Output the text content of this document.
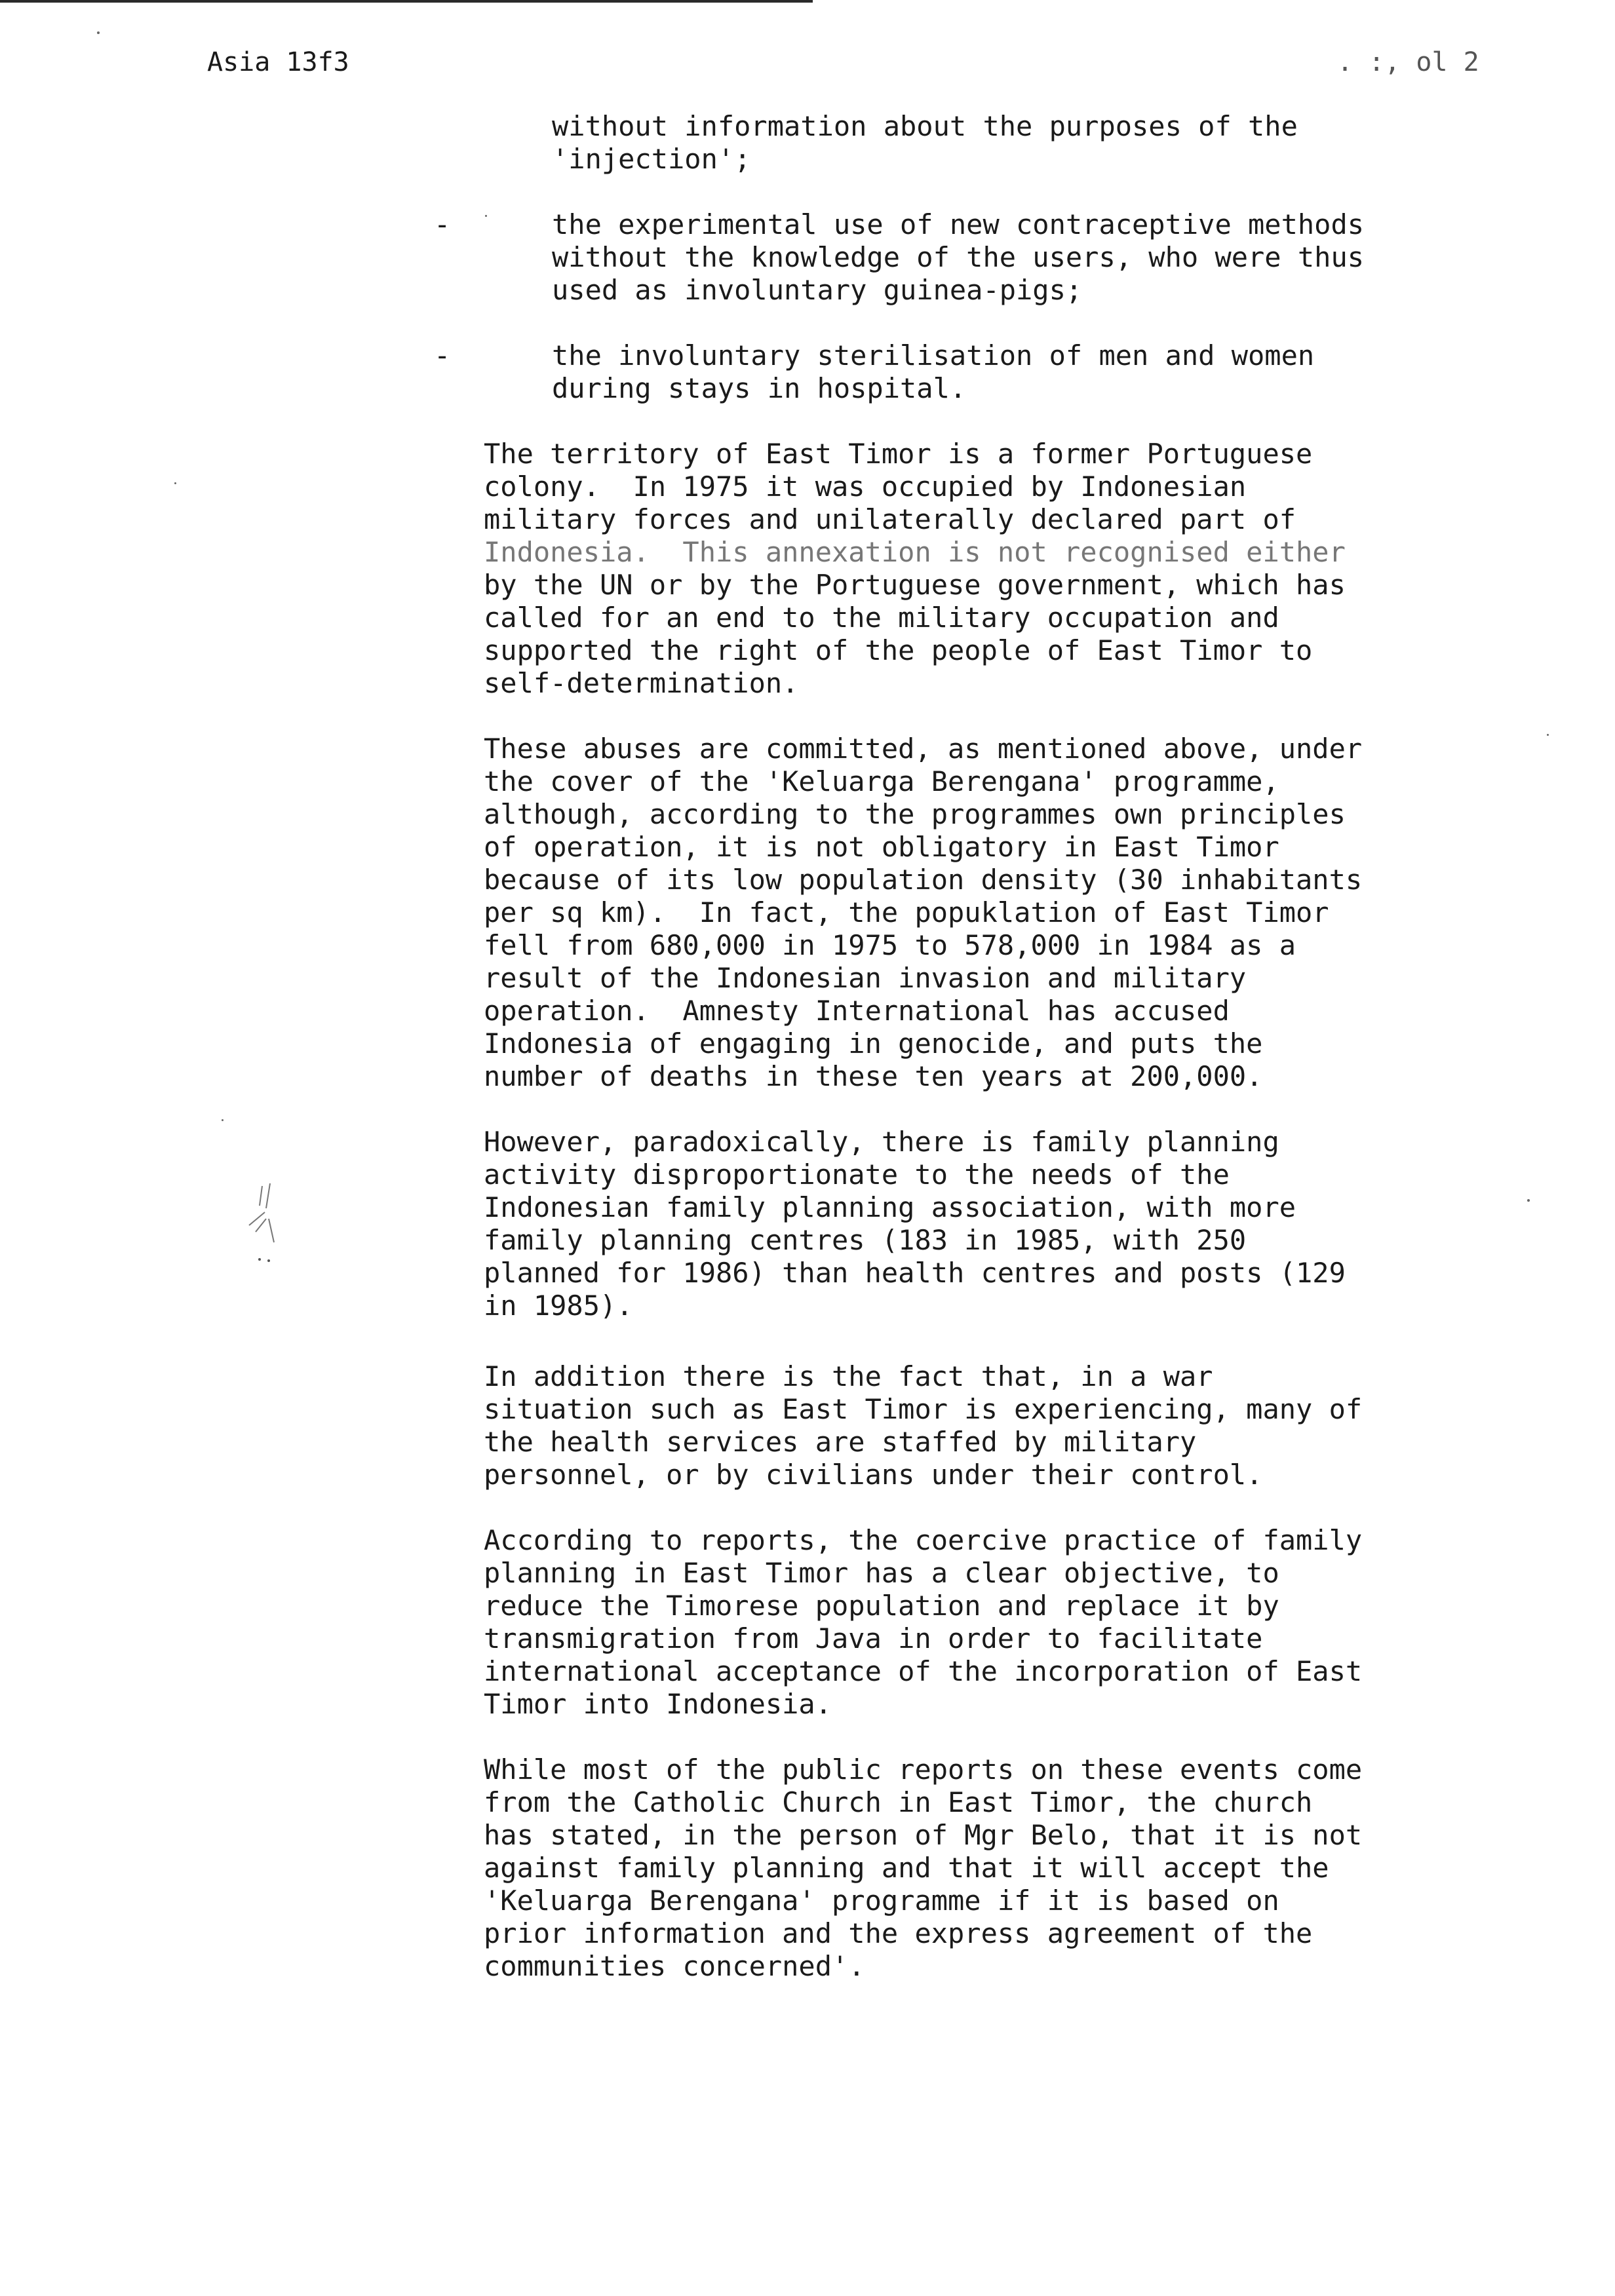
Asia 13f3	. :, ol 2
without information about the purposes of the
'injection';
-	the experimental use of new contraceptive methods
without the knowledge of the users, who were thus
used as involuntary guinea-pigs;
-	the involuntary sterilisation of men and women
during stays in hospital.
The territory of East Timor is a former Portuguese
colony.  In 1975 it was occupied by Indonesian
military forces and unilaterally declared part of
Indonesia.  This annexation is not recognised either
by the UN or by the Portuguese government, which has
called for an end to the military occupation and
supported the right of the people of East Timor to
self-determination.
These abuses are committed, as mentioned above, under
the cover of the 'Keluarga Berengana' programme,
although, according to the programmes own principles
of operation, it is not obligatory in East Timor
because of its low population density (30 inhabitants
per sq km).  In fact, the popuklation of East Timor
fell from 680,000 in 1975 to 578,000 in 1984 as a
result of the Indonesian invasion and military
operation.  Amnesty International has accused
Indonesia of engaging in genocide, and puts the
number of deaths in these ten years at 200,000.
However, paradoxically, there is family planning
activity disproportionate to the needs of the
Indonesian family planning association, with more
family planning centres (183 in 1985, with 250
planned for 1986) than health centres and posts (129
in 1985).
In addition there is the fact that, in a war
situation such as East Timor is experiencing, many of
the health services are staffed by military
personnel, or by civilians under their control.
According to reports, the coercive practice of family
planning in East Timor has a clear objective, to
reduce the Timorese population and replace it by
transmigration from Java in order to facilitate
international acceptance of the incorporation of East
Timor into Indonesia.
While most of the public reports on these events come
from the Catholic Church in East Timor, the church
has stated, in the person of Mgr Belo, that it is not
against family planning and that it will accept the
'Keluarga Berengana' programme if it is based on
prior information and the express agreement of the
communities concerned'.
